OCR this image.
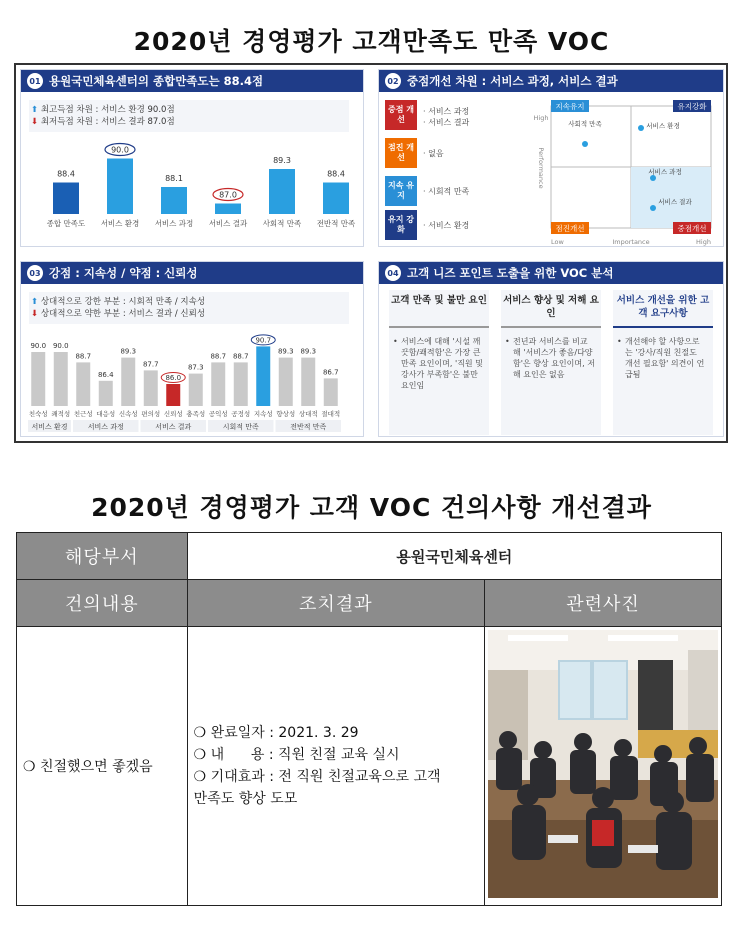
2020년 경영평가 고객만족도 만족 VOC
01 용원국민체육센터의 종합만족도는 88.4점
⬆ 최고득점 차원 : 서비스 환경 90.0점
⬇ 최저득점 차원 : 서비스 결과 87.0점
88.4
종합 만족도
90.0
서비스 환경
88.1
서비스 과정
87.0
서비스 결과
89.3
사회적 만족
88.4
전반적 만족
02 중점개선 차원 : 서비스 과정, 서비스 결과
중점 개선
· 서비스 과정
· 서비스 결과
점진 개선	· 없음
지속 유지	· 시회적 만족
유지 강화	· 서비스 환경
지속유지	유지강화
점진개선	중점개선
High
Performance
Low	Importance	High
사회적 만족	서비스 환경
서비스 과정
서비스 결과
03 강점 : 지속성 / 약점 : 신뢰성
⬆ 상대적으로 강한 부분 : 시회적 만족 / 지속성
⬇ 상대적으로 약한 부분 : 서비스 결과 / 신뢰성
90.0
친숙성
90.0
쾌적성
88.7
친근성
86.4
대응성
89.3
신속성
87.7
편의성
86.0
신뢰성
87.3
충족성
88.7
공익성
88.7
공정성
90.7
지속성
89.3
향상성
89.3
상대적
86.7
절대적
서비스 환경	서비스 과정	서비스 결과	시회적 만족	전반적 만족
04 고객 니즈 포인트 도출을 위한 VOC 분석
고객 만족 및 불만 요인
• 서비스에 대해 '시설 깨끗함/쾌적함'은 가장 큰 만족 요인이며, '직원 및 강사가 부족함'은 불만 요인임
서비스 향상 및 저해 요인
• 전년과 서비스를 비교해 '서비스가 좋음/다양함'은 향상 요인이며, 저해 요인은 없음
서비스 개선을 위한 고객 요구사항
• 개선해야 할 사항으로는 '강사/직원 친절도 개선 필요함' 의견이 언급됨
2020년 경영평가 고객 VOC 건의사항 개선결과
해당부서	용원국민체육센터	
건의내용	조치결과	관련사진
❍ 친절했으면 좋겠음	❍ 완료일자 : 2021. 3. 29
❍ 내      용 : 직원 친절 교육 실시
❍ 기대효과 : 전 직원 친절교육으로 고객
만족도 향상 도모
